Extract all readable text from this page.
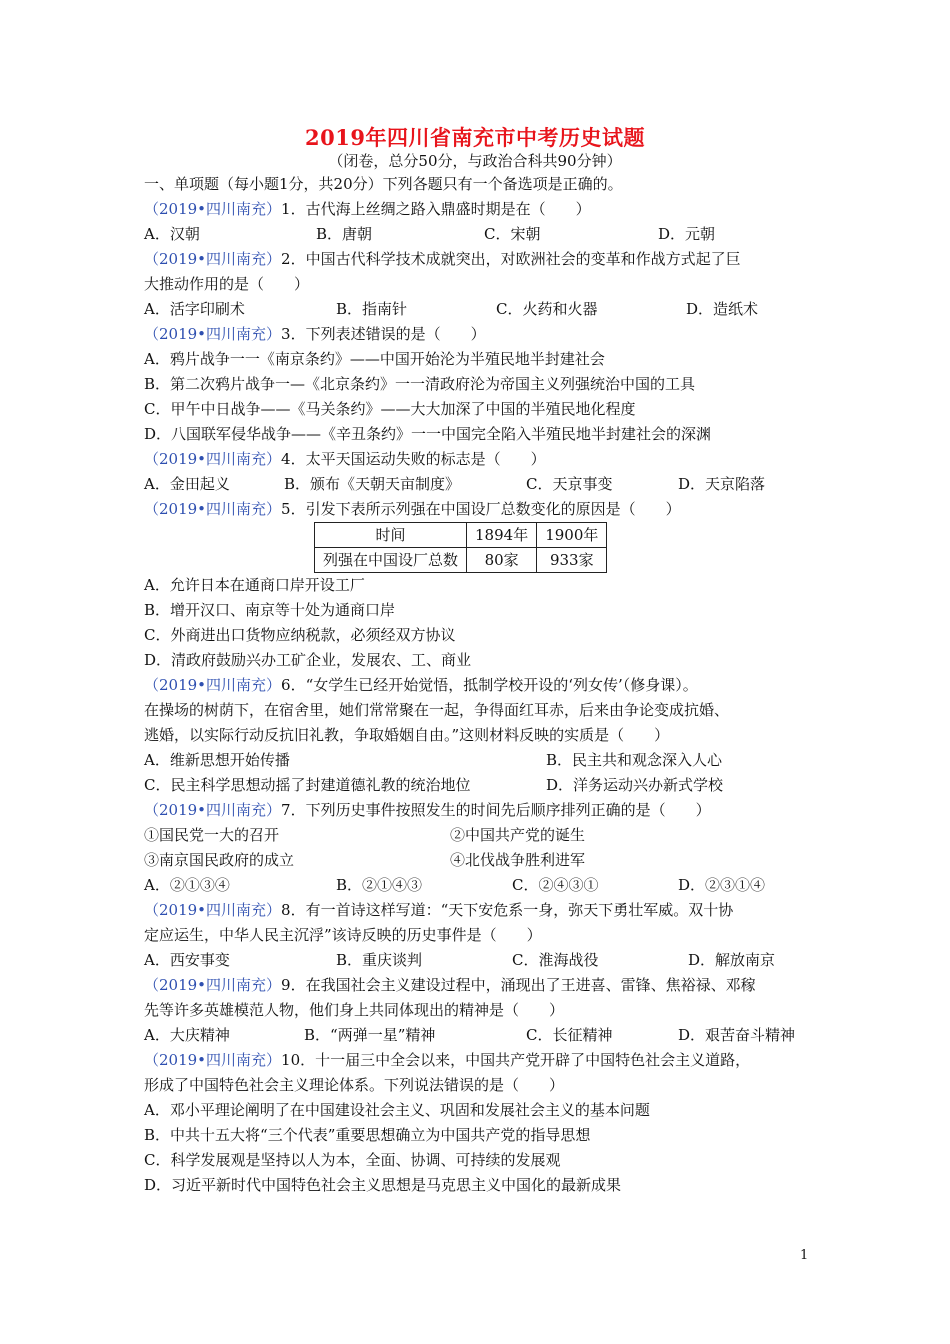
2019年四川省南充市中考历史试题
（闭卷，总分50分，与政治合科共90分钟）
一、单项题（每小题1分，共20分）下列各题只有一个备选项是正确的。
（2019•四川南充）1．古代海上丝绸之路入鼎盛时期是在（　　）
A．汉朝	B．唐朝	C．宋朝	D．元朝
（2019•四川南充）2．中国古代科学技术成就突出，对欧洲社会的变革和作战方式起了巨
大推动作用的是（　　）
A．活字印刷术	B．指南针	C．火药和火器	D．造纸术
（2019•四川南充）3．下列表述错误的是（　　）
A．鸦片战争一一《南京条约》——中国开始沦为半殖民地半封建社会
B．第二次鸦片战争一—《北京条约》一一清政府沦为帝国主义列强统治中国的工具
C．甲午中日战争——《马关条约》——大大加深了中国的半殖民地化程度
D．八国联军侵华战争——《辛丑条约》一一中国完全陷入半殖民地半封建社会的深渊
（2019•四川南充）4．太平天国运动失败的标志是（　　）
A．金田起义	B．颁布《天朝天亩制度》	C．天京事变	D．天京陷落
（2019•四川南充）5．引发下表所示列强在中国设厂总数变化的原因是（　　）
时间	1894年	1900年
列强在中国设厂总数	80家	933家
A．允许日本在通商口岸开设工厂
B．增开汉口、南京等十处为通商口岸
C．外商进出口货物应纳税款，必须经双方协议
D．清政府鼓励兴办工矿企业，发展农、工、商业
（2019•四川南充）6．“女学生已经开始觉悟，抵制学校开设的‘列女传’（修身课）。
在操场的树荫下，在宿舍里，她们常常聚在一起，争得面红耳赤，后来由争论变成抗婚、
逃婚，以实际行动反抗旧礼教，争取婚姻自由。”这则材料反映的实质是（　　）
A．维新思想开始传播	B．民主共和观念深入人心
C．民主科学思想动摇了封建道德礼教的统治地位	D．洋务运动兴办新式学校
（2019•四川南充）7．下列历史事件按照发生的时间先后顺序排列正确的是（　　）
①国民党一大的召开	②中国共产党的诞生
③南京国民政府的成立	④北伐战争胜利进军
A．②①③④	B．②①④③	C．②④③①	D．②③①④
（2019•四川南充）8．有一首诗这样写道：“天下安危系一身，弥天下勇壮军威。双十协
定应运生，中华人民主沉浮”该诗反映的历史事件是（　　）
A．西安事变	B．重庆谈判	C．淮海战役	D．解放南京
（2019•四川南充）9．在我国社会主义建设过程中，涌现出了王进喜、雷锋、焦裕禄、邓稼
先等许多英雄模范人物，他们身上共同体现出的精神是（　　）
A．大庆精神	B．“两弹一星”精神	C．长征精神	D．艰苦奋斗精神
（2019•四川南充）10．十一届三中全会以来，中国共产党开辟了中国特色社会主义道路，
形成了中国特色社会主义理论体系。下列说法错误的是（　　）
A．邓小平理论阐明了在中国建设社会主义、巩固和发展社会主义的基本问题
B．中共十五大将“三个代表”重要思想确立为中国共产党的指导思想
C．科学发展观是坚持以人为本，全面、协调、可持续的发展观
D．习近平新时代中国特色社会主义思想是马克思主义中国化的最新成果
1
